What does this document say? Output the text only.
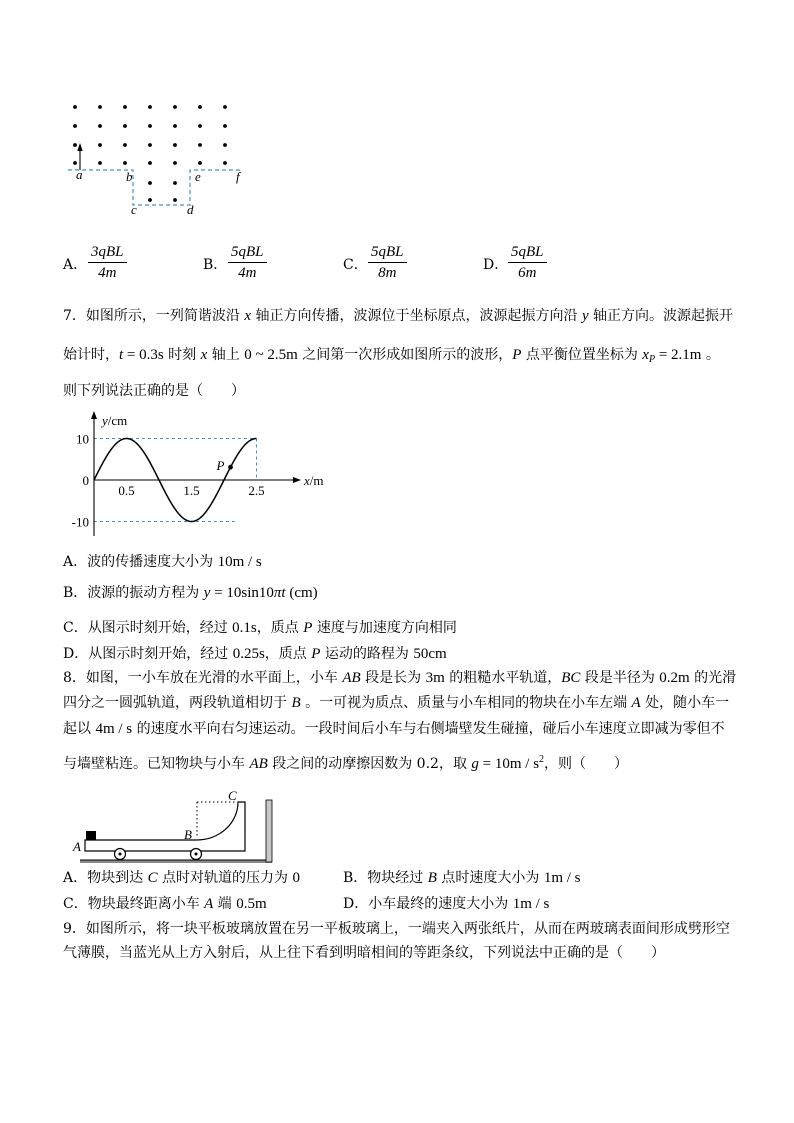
a	b
c	d
e	f
A．
3qBL
4m	B．
5qBL
4m	C．
5qBL
8m	D．
5qBL
6m
7．如图所示，一列简谐波沿 x 轴正方向传播，波源位于坐标原点，波源起振方向沿 y 轴正方向。波源起振开
始计时，t = 0.3s 时刻 x 轴上 0 ~ 2.5m 之间第一次形成如图所示的波形，P 点平衡位置坐标为 $x_P = 2.1m$ 。
则下列说法正确的是（　　）
y/cm
x/m
0.5	1.5	2.5
10
0
-10
P
A．波的传播速度大小为 10m / s
B．波源的振动方程为 y = 10sin10πt (cm)
C．从图示时刻开始，经过 0.1s，质点 P 速度与加速度方向相同
D．从图示时刻开始，经过 0.25s，质点 P 运动的路程为 50cm
8．如图，一小车放在光滑的水平面上，小车 AB 段是长为 3m 的粗糙水平轨道，BC 段是半径为 0.2m 的光滑
四分之一圆弧轨道，两段轨道相切于 B 。一可视为质点、质量与小车相同的物块在小车左端 A 处，随小车一
起以 4m / s 的速度水平向右匀速运动。一段时间后小车与右侧墙壁发生碰撞，碰后小车速度立即减为零但不
与墙壁粘连。已知物块与小车 AB 段之间的动摩擦因数为 0.2，取 $g = 10m / s^2$，则（　　）
A
B
C
A．物块到达 C 点时对轨道的压力为 0	B．物块经过 B 点时速度大小为 1m / s
C．物块最终距离小车 A 端 0.5m	D．小车最终的速度大小为 1m / s
9．如图所示，将一块平板玻璃放置在另一平板玻璃上，一端夹入两张纸片，从而在两玻璃表面间形成劈形空
气薄膜，当蓝光从上方入射后，从上往下看到明暗相间的等距条纹，下列说法中正确的是（　　）
